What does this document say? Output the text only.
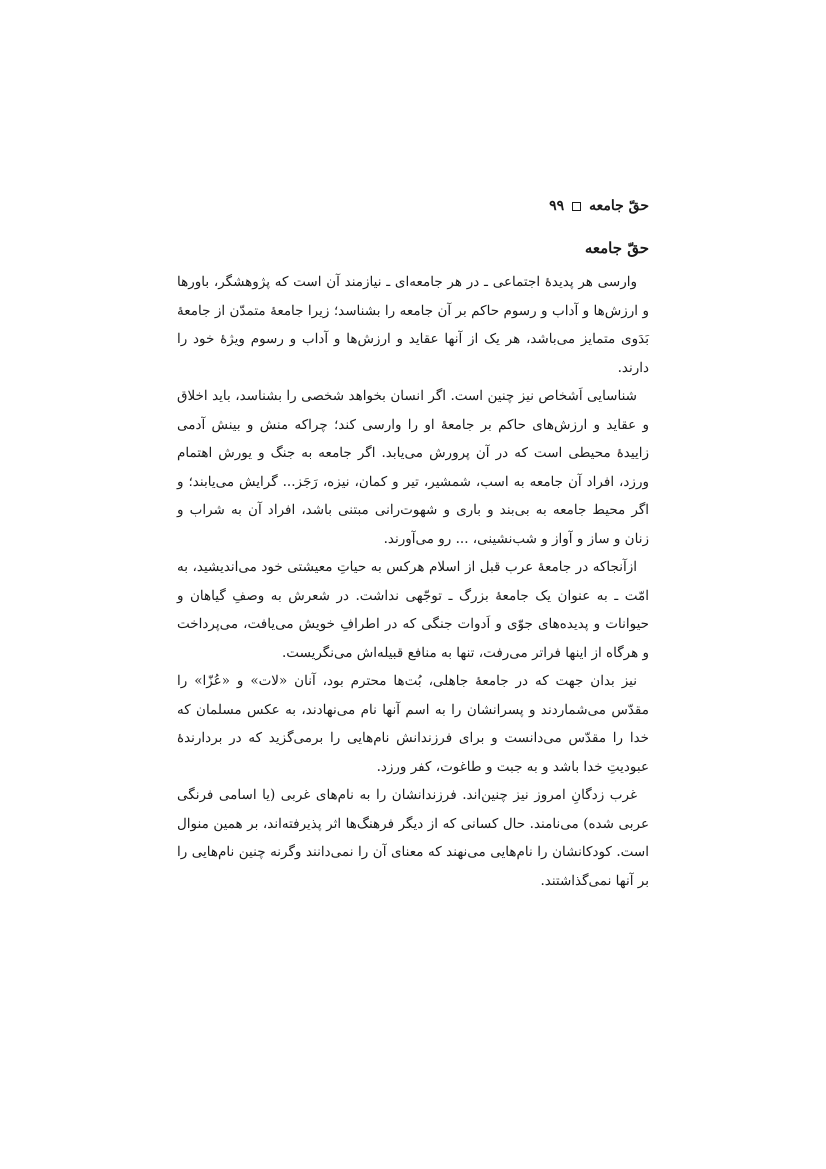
حقّ جامعه
۹۹
حقّ جامعه

وارسی هر پدیدهٔ اجتماعی ـ در هر جامعه‌ای ـ نیازمند آن است که پژوهشگر، باورها و ارزش‌ها و آداب و رسوم حاکم بر آن جامعه را بشناسد؛ زیرا جامعهٔ متمدّن از جامعهٔ بَدَوی متمایز می‌باشد، هر یک از آنها عقاید و ارزش‌ها و آداب و رسوم ویژهٔ خود را دارند.

شناسایی اَشخاص نیز چنین است. اگر انسان بخواهد شخصی را بشناسد، باید اخلاق و عقاید و ارزش‌های حاکم بر جامعهٔ او را وارسی کند؛ چراکه منش و بینش آدمی زاییدهٔ محیطی است که در آن پرورش می‌یابد. اگر جامعه به جنگ و یورش اهتمام ورزد، افراد آن جامعه به اسب، شمشیر، تیر و کمان، نیزه، رَجَز... گرایش می‌یابند؛ و اگر محیط جامعه به بی‌بند و باری و شهوت‌رانی مبتنی باشد، افراد آن به شراب و زنان و ساز و آواز و شب‌نشینی، ... رو می‌آورند.

ازآنجا‌که در جامعهٔ عرب قبل از اسلام هرکس به حیاتِ معیشتی خود می‌اندیشید، به امّت ـ به عنوان یک جامعهٔ بزرگ ـ توجّهی نداشت. در شعرش به وصفِ گیاهان و حیوانات و پدیده‌های جوّی و اَدوات جنگی که در اطرافِ خویش می‌یافت، می‌پرداخت و هرگاه از اینها فراتر می‌رفت، تنها به منافع قبیله‌اش می‌نگریست.

نیز بدان جهت که در جامعهٔ جاهلی، بُت‌ها محترم بود، آنان «لات» و «عُزّا» را مقدّس می‌شماردند و پسرانشان را به اسم آنها نام می‌نهادند، به عکس مسلمان که خدا را مقدّس می‌دانست و برای فرزندانش نام‌هایی را برمی‌گزید که در بردارندهٔ عبودیتِ خدا باشد و به جبت و طاغوت، کفر ورزد.

غرب زدگانِ امروز نیز چنین‌اند. فرزندانشان را به نام‌های غربی (یا اسامی فرنگی عربی شده) می‌نامند. حال کسانی که از دیگر فرهنگ‌ها اثر پذیرفته‌اند، بر همین منوال است. کودکانشان را نام‌هایی می‌نهند که معنای آن را نمی‌دانند وگرنه چنین نام‌هایی را بر آنها نمی‌گذاشتند.
